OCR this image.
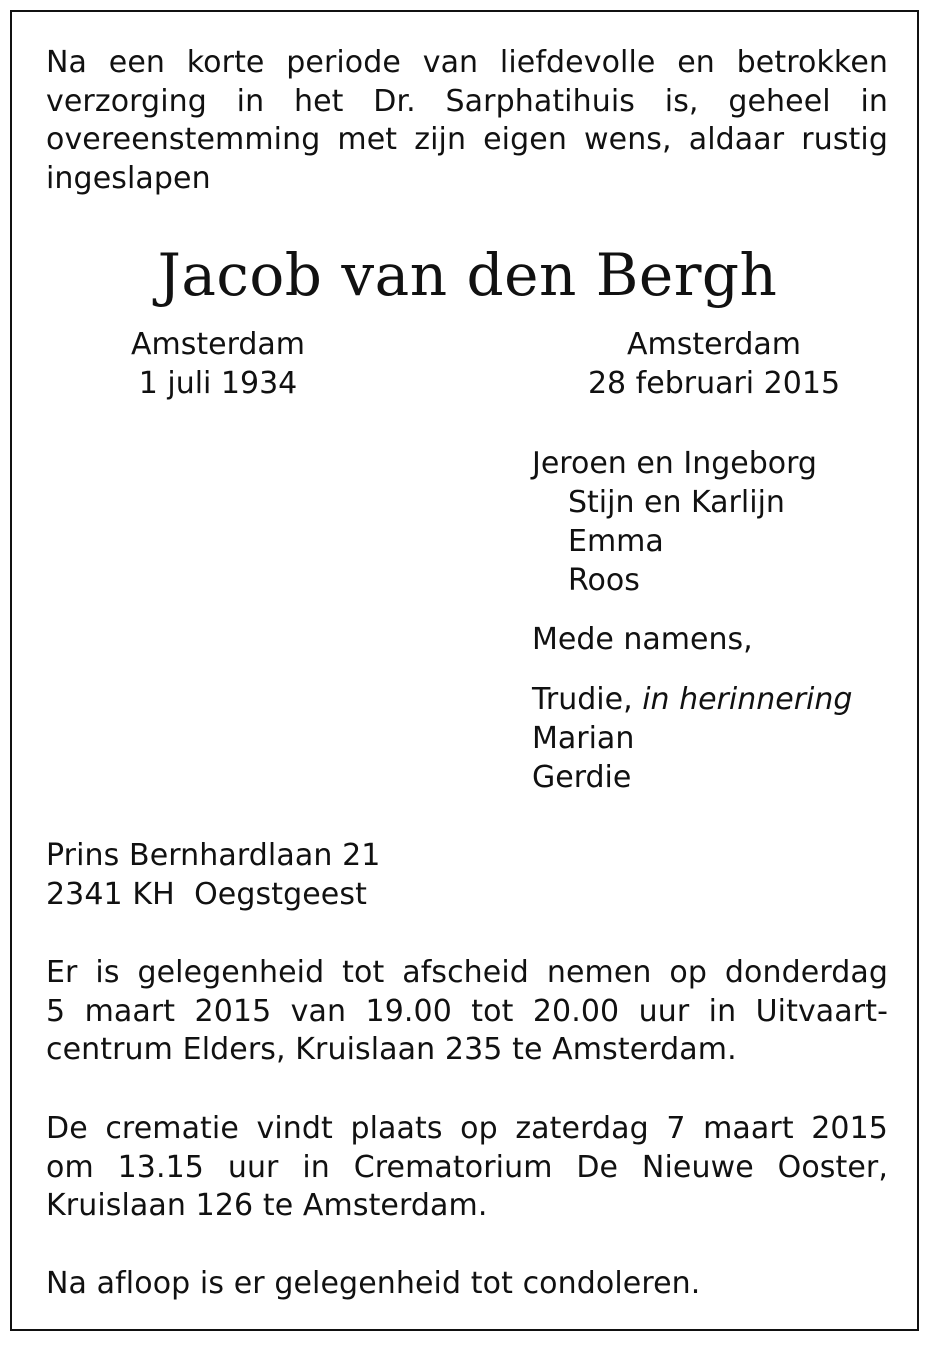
Na een korte periode van liefdevolle en betrokken
verzorging in het Dr. Sarphatihuis is, geheel in
overeenstemming met zijn eigen wens, aldaar rustig
ingeslapen
Jacob van den Bergh
Amsterdam
1 juli 1934
Amsterdam
28 februari 2015
Jeroen en Ingeborg
Stijn en Karlijn
Emma
Roos
Mede namens,
Trudie, in herinnering
Marian
Gerdie
Prins Bernhardlaan 21
2341 KH  Oegstgeest
Er is gelegenheid tot afscheid nemen op donderdag
5 maart 2015 van 19.00 tot 20.00 uur in Uitvaart-
centrum Elders, Kruislaan 235 te Amsterdam.
De crematie vindt plaats op zaterdag 7 maart 2015
om 13.15 uur in Crematorium De Nieuwe Ooster,
Kruislaan 126 te Amsterdam.
Na afloop is er gelegenheid tot condoleren.
